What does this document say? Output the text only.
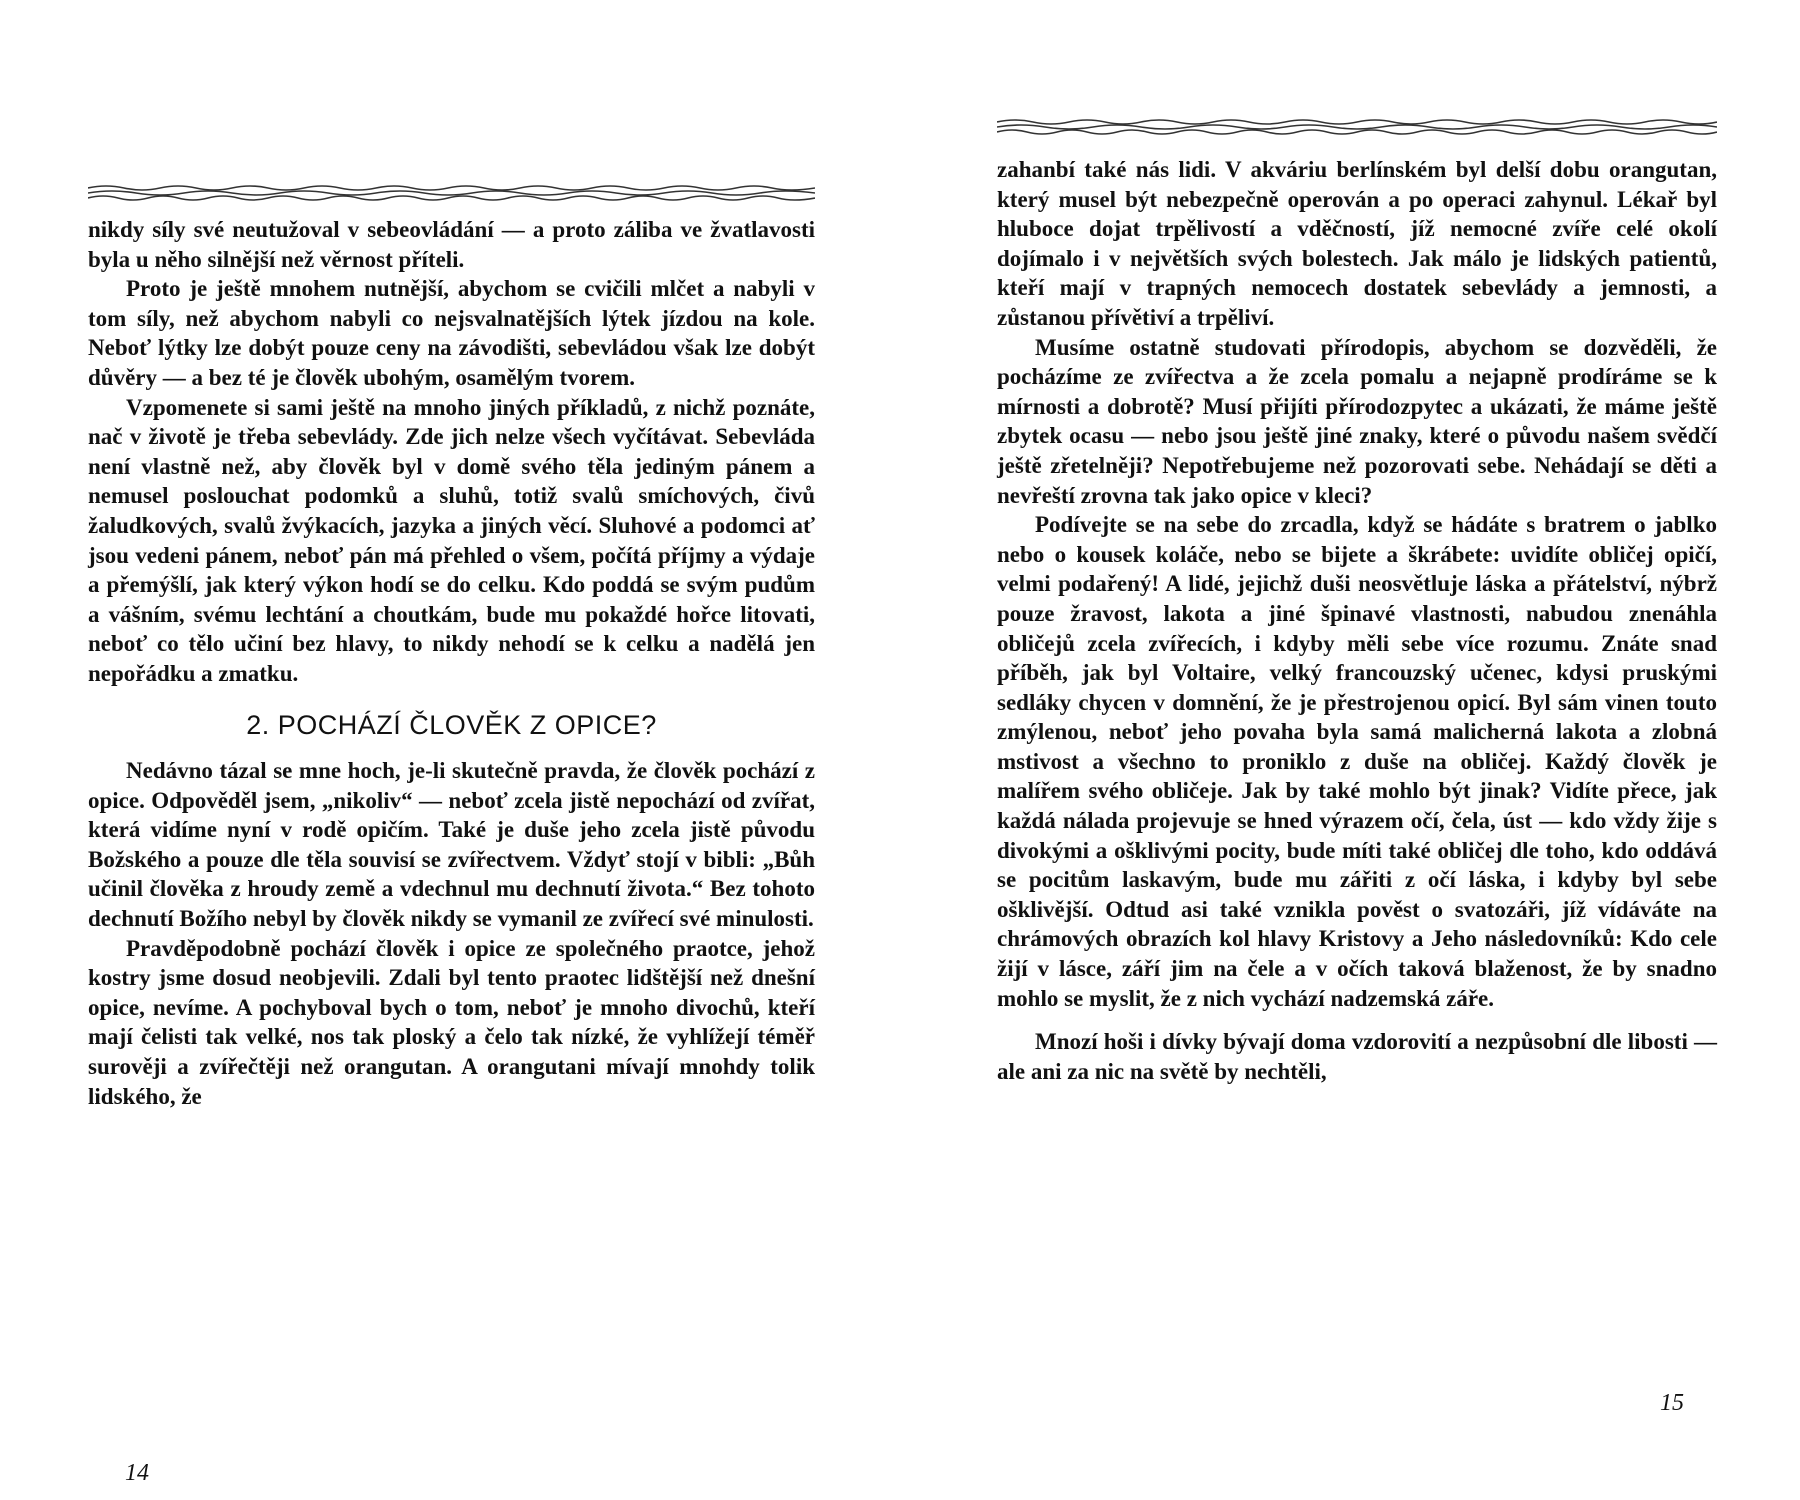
nikdy síly své neutužoval v sebeovládání — a proto záliba ve žvatlavosti byla u něho silnější než věrnost příteli.

Proto je ještě mnohem nutnější, abychom se cvičili mlčet a nabyli v tom síly, než abychom nabyli co nejsvalnatějších lýtek jízdou na kole. Neboť lýtky lze dobýt pouze ceny na závodišti, sebevládou však lze dobýt důvěry — a bez té je člověk ubohým, osamělým tvorem.

Vzpomenete si sami ještě na mnoho jiných příkladů, z nichž poznáte, nač v životě je třeba sebevlády. Zde jich nelze všech vyčítávat. Sebevláda není vlastně než, aby člověk byl v domě svého těla jediným pánem a nemusel poslouchat podomků a sluhů, totiž svalů smíchových, čivů žaludkových, svalů žvýkacích, jazyka a jiných věcí. Sluhové a podomci ať jsou vedeni pánem, neboť pán má přehled o všem, počítá příjmy a výdaje a přemýšlí, jak který výkon hodí se do celku. Kdo poddá se svým pudům a vášním, svému lechtání a choutkám, bude mu pokaždé hořce litovati, neboť co tělo učiní bez hlavy, to nikdy nehodí se k celku a nadělá jen nepořádku a zmatku.

2. POCHÁZÍ ČLOVĚK Z OPICE?

Nedávno tázal se mne hoch, je-li skutečně pravda, že člověk pochází z opice. Odpověděl jsem, „nikoliv“ — neboť zcela jistě nepochází od zvířat, která vidíme nyní v rodě opičím. Také je duše jeho zcela jistě původu Božského a pouze dle těla souvisí se zvířectvem. Vždyť stojí v bibli: „Bůh učinil člověka z hroudy země a vdechnul mu dechnutí života.“ Bez tohoto dechnutí Božího nebyl by člověk nikdy se vymanil ze zvířecí své minulosti.

Pravděpodobně pochází člověk i opice ze společného praotce, jehož kostry jsme dosud neobjevili. Zdali byl tento praotec lidštější než dnešní opice, nevíme. A pochyboval bych o tom, neboť je mnoho divochů, kteří mají čelisti tak velké, nos tak ploský a čelo tak nízké, že vyhlížejí téměř surověji a zvířečtěji než orangutan. A orangutani mívají mnohdy tolik lidského, že

14

zahanbí také nás lidi. V akváriu berlínském byl delší dobu orangutan, který musel být nebezpečně operován a po operaci zahynul. Lékař byl hluboce dojat trpělivostí a vděčností, jíž nemocné zvíře celé okolí dojímalo i v největších svých bolestech. Jak málo je lidských patientů, kteří mají v trapných nemocech dostatek sebevlády a jemnosti, a zůstanou přívětiví a trpěliví.

Musíme ostatně studovati přírodopis, abychom se dozvěděli, že pocházíme ze zvířectva a že zcela pomalu a nejapně prodíráme se k mírnosti a dobrotě? Musí přijíti přírodozpytec a ukázati, že máme ještě zbytek ocasu — nebo jsou ještě jiné znaky, které o původu našem svědčí ještě zřetelněji? Nepotřebujeme než pozorovati sebe. Nehádají se děti a nevřeští zrovna tak jako opice v kleci?

Podívejte se na sebe do zrcadla, když se hádáte s bratrem o jablko nebo o kousek koláče, nebo se bijete a škrábete: uvidíte obličej opičí, velmi podařený! A lidé, jejichž duši neosvětluje láska a přátelství, nýbrž pouze žravost, lakota a jiné špinavé vlastnosti, nabudou znenáhla obličejů zcela zvířecích, i kdyby měli sebe více rozumu. Znáte snad příběh, jak byl Voltaire, velký francouzský učenec, kdysi pruskými sedláky chycen v domnění, že je přestrojenou opicí. Byl sám vinen touto zmýlenou, neboť jeho povaha byla samá malicherná lakota a zlobná mstivost a všechno to proniklo z duše na obličej. Každý člověk je malířem svého obličeje. Jak by také mohlo být jinak? Vidíte přece, jak každá nálada projevuje se hned výrazem očí, čela, úst — kdo vždy žije s divokými a ošklivými pocity, bude míti také obličej dle toho, kdo oddává se pocitům laskavým, bude mu zářiti z očí láska, i kdyby byl sebe ošklivější. Odtud asi také vznikla pověst o svatozáři, jíž vídáváte na chrámových obrazích kol hlavy Kristovy a Jeho následovníků: Kdo cele žijí v lásce, září jim na čele a v očích taková blaženost, že by snadno mohlo se myslit, že z nich vychází nadzemská záře.

Mnozí hoši i dívky bývají doma vzdorovití a nezpůsobní dle libosti — ale ani za nic na světě by nechtěli,

15
